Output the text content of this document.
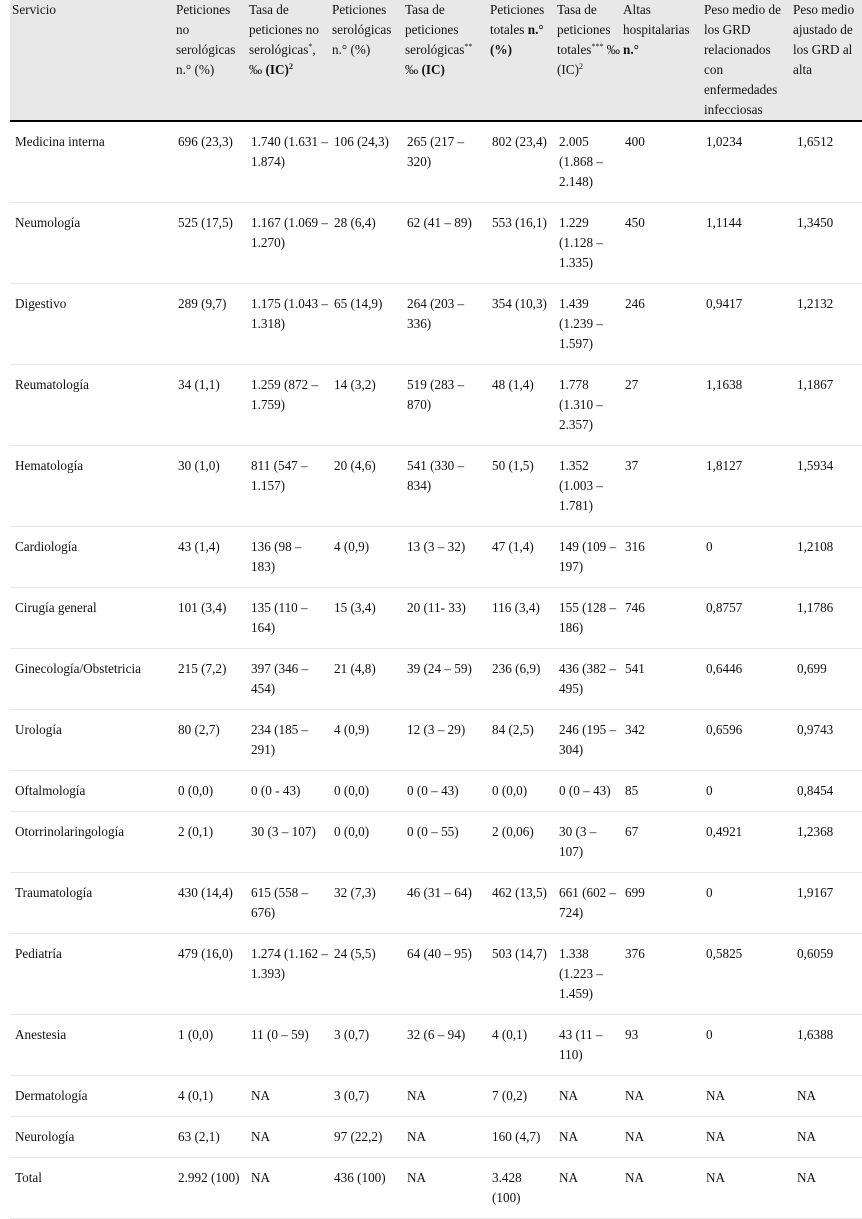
Servicio	Peticiones no serológicas n.° (%)	Tasa de peticiones no serológicas*, ‰ (IC)$^2$	Peticiones serológicas n.° (%)	Tasa de peticiones serológicas** ‰ (IC)	Peticiones totales n.° (%)	Tasa de peticiones totales*** ‰ (IC)$^2$	Altas hospitalarias n.°	Peso medio de los GRD relacionados con enfermedades infecciosas	Peso medio ajustado de los GRD al alta
Medicina interna	696 (23,3)	1.740 (1.631 – 1.874)	106 (24,3)	265 (217 – 320)	802 (23,4)	2.005 (1.868 – 2.148)	400	1,0234	1,6512
Neumología	525 (17,5)	1.167 (1.069 – 1.270)	28 (6,4)	62 (41 – 89)	553 (16,1)	1.229 (1.128 – 1.335)	450	1,1144	1,3450
Digestivo	289 (9,7)	1.175 (1.043 – 1.318)	65 (14,9)	264 (203 – 336)	354 (10,3)	1.439 (1.239 – 1.597)	246	0,9417	1,2132
Reumatología	34 (1,1)	1.259 (872 – 1.759)	14 (3,2)	519 (283 – 870)	48 (1,4)	1.778 (1.310 – 2.357)	27	1,1638	1,1867
Hematología	30 (1,0)	811 (547 – 1.157)	20 (4,6)	541 (330 – 834)	50 (1,5)	1.352 (1.003 – 1.781)	37	1,8127	1,5934
Cardiología	43 (1,4)	136 (98 – 183)	4 (0,9)	13 (3 – 32)	47 (1,4)	149 (109 – 197)	316	0	1,2108
Cirugía general	101 (3,4)	135 (110 – 164)	15 (3,4)	20 (11- 33)	116 (3,4)	155 (128 – 186)	746	0,8757	1,1786
Ginecología/Obstetricia	215 (7,2)	397 (346 – 454)	21 (4,8)	39 (24 – 59)	236 (6,9)	436 (382 – 495)	541	0,6446	0,699
Urología	80 (2,7)	234 (185 – 291)	4 (0,9)	12 (3 – 29)	84 (2,5)	246 (195 – 304)	342	0,6596	0,9743
Oftalmología	0 (0,0)	0 (0 - 43)	0 (0,0)	0 (0 – 43)	0 (0,0)	0 (0 – 43)	85	0	0,8454
Otorrinolaringología	2 (0,1)	30 (3 – 107)	0 (0,0)	0 (0 – 55)	2 (0,06)	30 (3 – 107)	67	0,4921	1,2368
Traumatología	430 (14,4)	615 (558 – 676)	32 (7,3)	46 (31 – 64)	462 (13,5)	661 (602 – 724)	699	0	1,9167
Pediatría	479 (16,0)	1.274 (1.162 – 1.393)	24 (5,5)	64 (40 – 95)	503 (14,7)	1.338 (1.223 – 1.459)	376	0,5825	0,6059
Anestesia	1 (0,0)	11 (0 – 59)	3 (0,7)	32 (6 – 94)	4 (0,1)	43 (11 – 110)	93	0	1,6388
Dermatología	4 (0,1)	NA	3 (0,7)	NA	7 (0,2)	NA	NA	NA	NA
Neurología	63 (2,1)	NA	97 (22,2)	NA	160 (4,7)	NA	NA	NA	NA
Total	2.992 (100)	NA	436 (100)	NA	3.428 (100)	NA	NA	NA	NA
